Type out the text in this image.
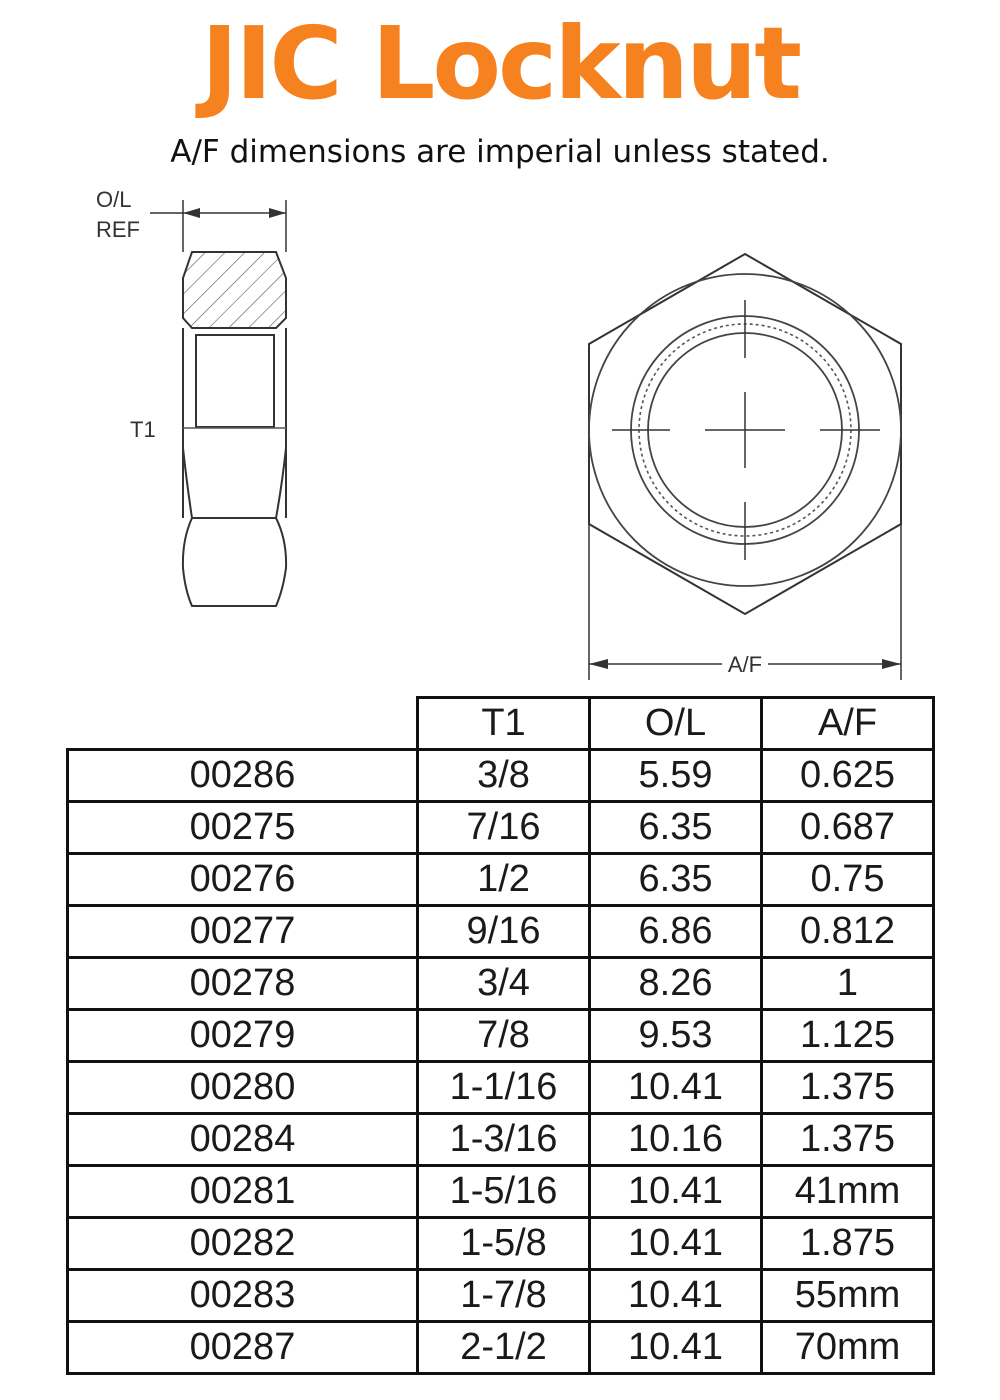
JIC Locknut
A/F dimensions are imperial unless stated.
O/L
REF
T1
A/F
	T1	O/L	A/F
00286	3/8	5.59	0.625
00275	7/16	6.35	0.687
00276	1/2	6.35	0.75
00277	9/16	6.86	0.812
00278	3/4	8.26	1
00279	7/8	9.53	1.125
00280	1-1/16	10.41	1.375
00284	1-3/16	10.16	1.375
00281	1-5/16	10.41	41mm
00282	1-5/8	10.41	1.875
00283	1-7/8	10.41	55mm
00287	2-1/2	10.41	70mm
